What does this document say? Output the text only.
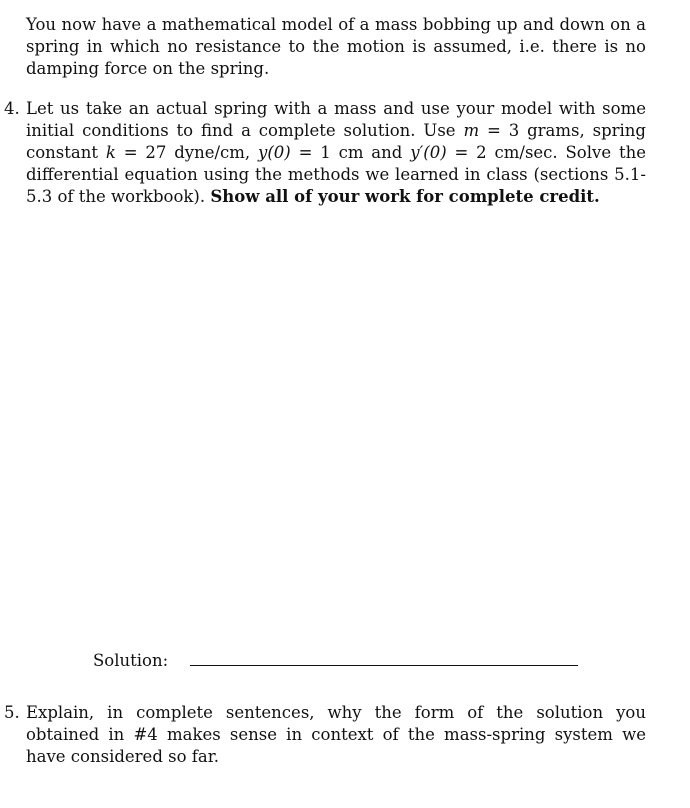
You now have a mathematical model of a mass bobbing up and down on a spring in which no resistance to the motion is assumed, i.e. there is no damping force on the spring.

4. Let us take an actual spring with a mass and use your model with some initial conditions to find a complete solution. Use m = 3 grams, spring constant k = 27 dyne/cm, y(0) = 1 cm and y′(0) = 2 cm/sec. Solve the differential equation using the methods we learned in class (sections 5.1-5.3 of the workbook). Show all of your work for complete credit.

Solution:

5. Explain, in complete sentences, why the form of the solution you obtained in #4 makes sense in context of the mass-spring system we have considered so far.
